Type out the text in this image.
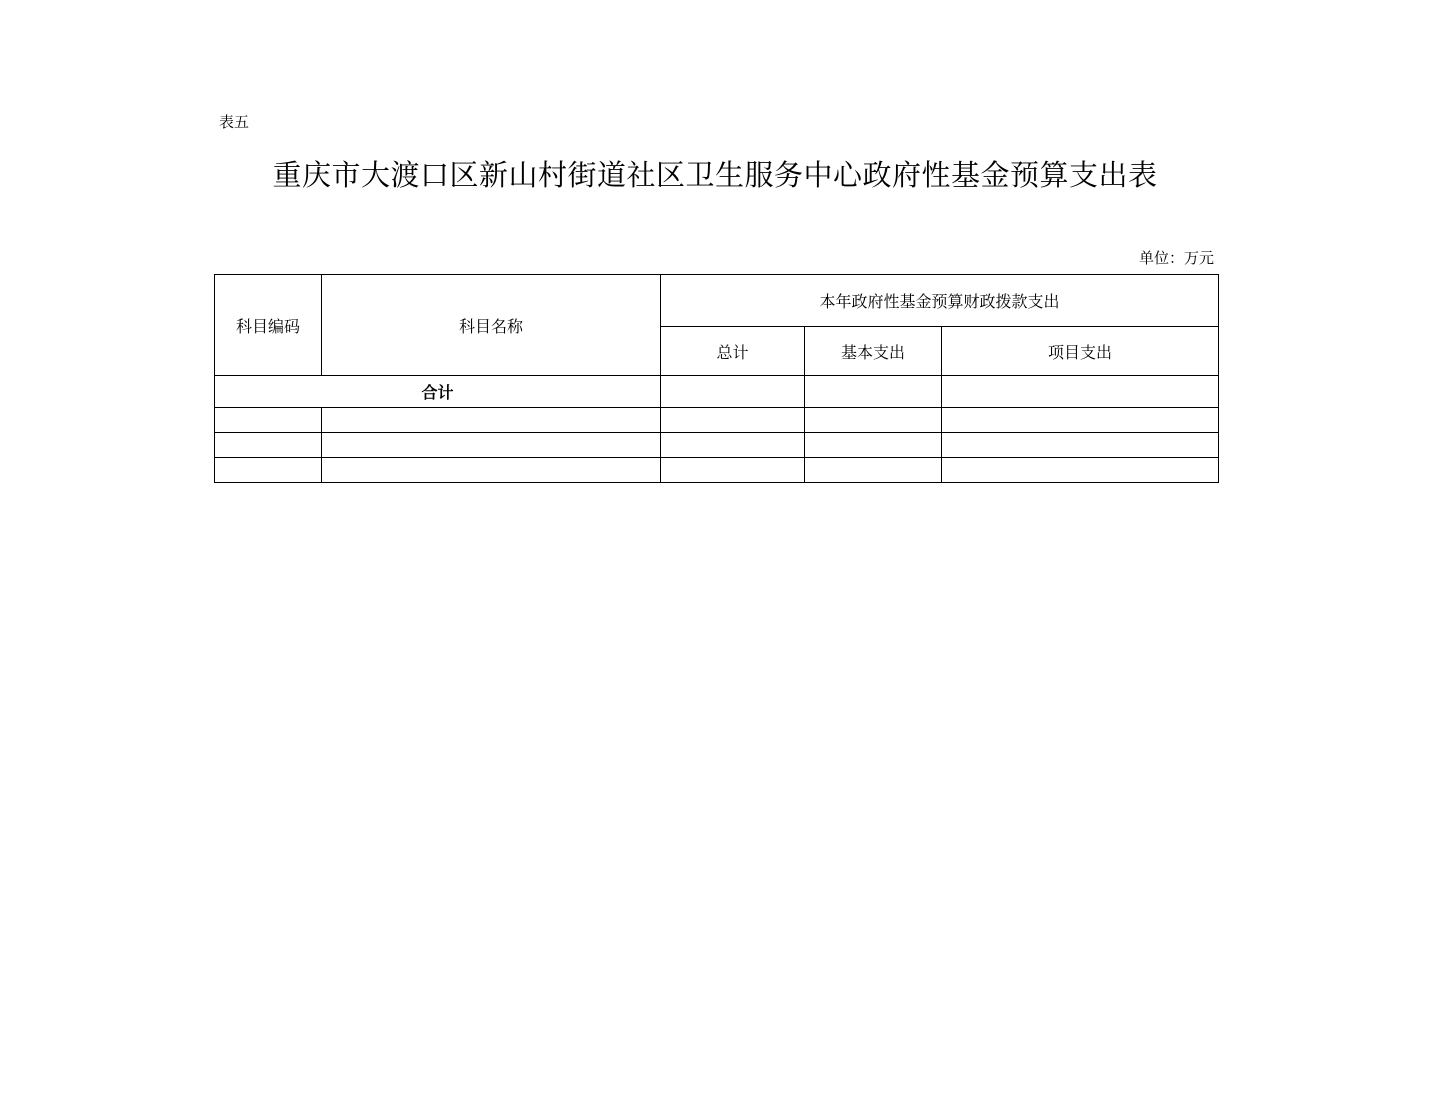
表五
重庆市大渡口区新山村街道社区卫生服务中心政府性基金预算支出表
单位：万元
科目编码	科目名称	本年政府性基金预算财政拨款支出		
		总计	基本支出	项目支出
合计				
